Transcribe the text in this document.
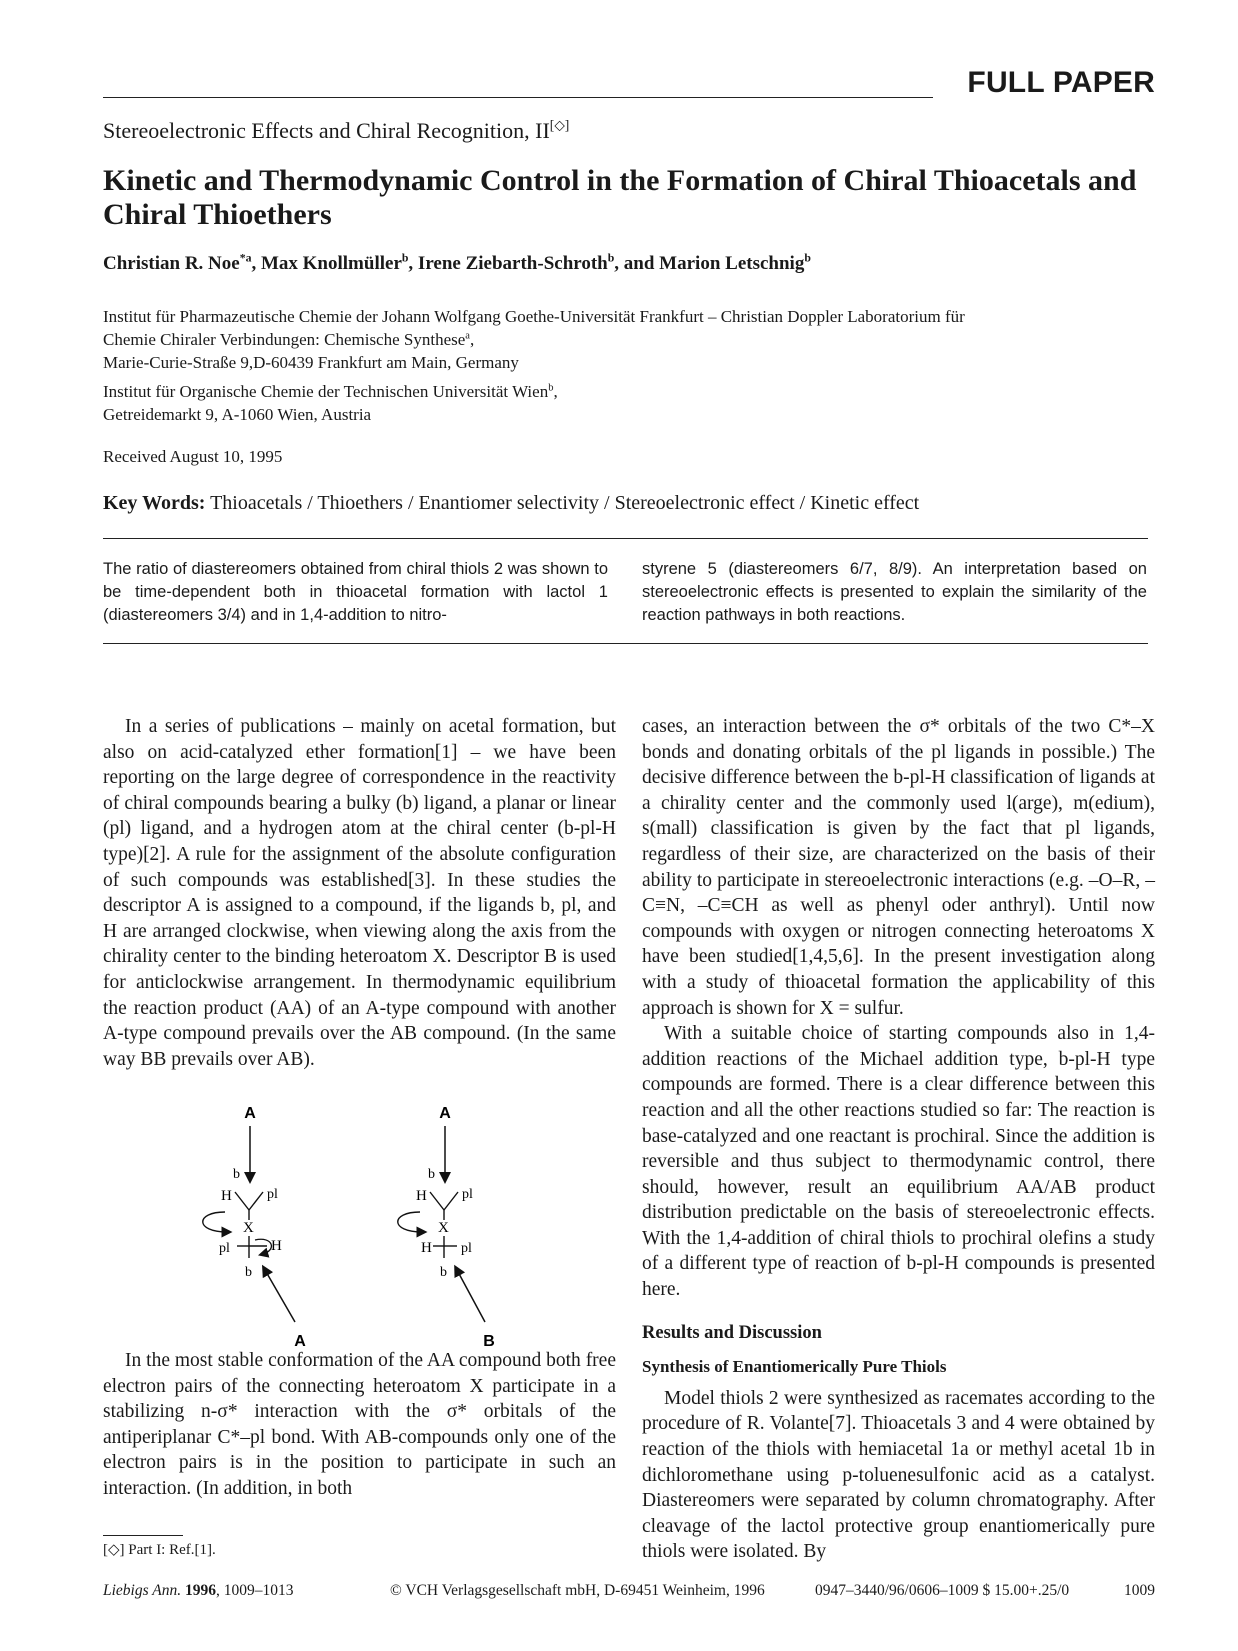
FULL PAPER
Stereoelectronic Effects and Chiral Recognition, II[◇]
Kinetic and Thermodynamic Control in the Formation of Chiral Thioacetals and Chiral Thioethers
Christian R. Noe$^{*a}$, Max Knollmüller$^b$, Irene Ziebarth-Schroth$^b$, and Marion Letschnig$^b$
Institut für Pharmazeutische Chemie der Johann Wolfgang Goethe-Universität Frankfurt – Christian Doppler Laboratorium für
Chemie Chiraler Verbindungen: Chemische Synthese$^a$,
Marie-Curie-Straße 9,D-60439 Frankfurt am Main, Germany
Institut für Organische Chemie der Technischen Universität Wien$^b$,
Getreidemarkt 9, A-1060 Wien, Austria
Received August 10, 1995
Key Words: Thioacetals / Thioethers / Enantiomer selectivity / Stereoelectronic effect / Kinetic effect
The ratio of diastereomers obtained from chiral thiols 2 was shown to be time-dependent both in thioacetal formation with lactol 1 (diastereomers 3/4) and in 1,4-addition to nitro-
styrene 5 (diastereomers 6/7, 8/9). An interpretation based on stereoelectronic effects is presented to explain the similarity of the reaction pathways in both reactions.

In a series of publications – mainly on acetal formation, but also on acid-catalyzed ether formation[1] – we have been reporting on the large degree of correspondence in the reactivity of chiral compounds bearing a bulky (b) ligand, a planar or linear (pl) ligand, and a hydrogen atom at the chiral center (b-pl-H type)[2]. A rule for the assignment of the absolute configuration of such compounds was established[3]. In these studies the descriptor A is assigned to a compound, if the ligands b, pl, and H are arranged clockwise, when viewing along the axis from the chirality center to the binding heteroatom X. Descriptor B is used for anticlockwise arrangement. In thermodynamic equilibrium the reaction product (AA) of an A-type compound with another A-type compound prevails over the AB compound. (In the same way BB prevails over AB).

A
b
H	pl
X
pl	H
b
A
A
b
H	pl
X
H pl
b
B

In the most stable conformation of the AA compound both free electron pairs of the connecting heteroatom X participate in a stabilizing n-σ* interaction with the σ* orbitals of the antiperiplanar C*–pl bond. With AB-compounds only one of the electron pairs is in the position to participate in such an interaction. (In addition, in both

cases, an interaction between the σ* orbitals of the two C*–X bonds and donating orbitals of the pl ligands in possible.) The decisive difference between the b-pl-H classification of ligands at a chirality center and the commonly used l(arge), m(edium), s(mall) classification is given by the fact that pl ligands, regardless of their size, are characterized on the basis of their ability to participate in stereoelectronic interactions (e.g. –O–R, –C≡N, –C≡CH as well as phenyl oder anthryl). Until now compounds with oxygen or nitrogen connecting heteroatoms X have been studied[1,4,5,6]. In the present investigation along with a study of thioacetal formation the applicability of this approach is shown for X = sulfur.

With a suitable choice of starting compounds also in 1,4-addition reactions of the Michael addition type, b-pl-H type compounds are formed. There is a clear difference between this reaction and all the other reactions studied so far: The reaction is base-catalyzed and one reactant is prochiral. Since the addition is reversible and thus subject to thermodynamic control, there should, however, result an equilibrium AA/AB product distribution predictable on the basis of stereoelectronic effects. With the 1,4-addition of chiral thiols to prochiral olefins a study of a different type of reaction of b-pl-H compounds is presented here.

Results and Discussion
Synthesis of Enantiomerically Pure Thiols

Model thiols 2 were synthesized as racemates according to the procedure of R. Volante[7]. Thioacetals 3 and 4 were obtained by reaction of the thiols with hemiacetal 1a or methyl acetal 1b in dichloromethane using p-toluenesulfonic acid as a catalyst. Diastereomers were separated by column chromatography. After cleavage of the lactol protective group enantiomerically pure thiols were isolated. By

[◇] Part I: Ref.[1].
Liebigs Ann. 1996, 1009–1013	© VCH Verlagsgesellschaft mbH, D-69451 Weinheim, 1996	0947–3440/96/0606–1009 $ 15.00+.25/0	1009
